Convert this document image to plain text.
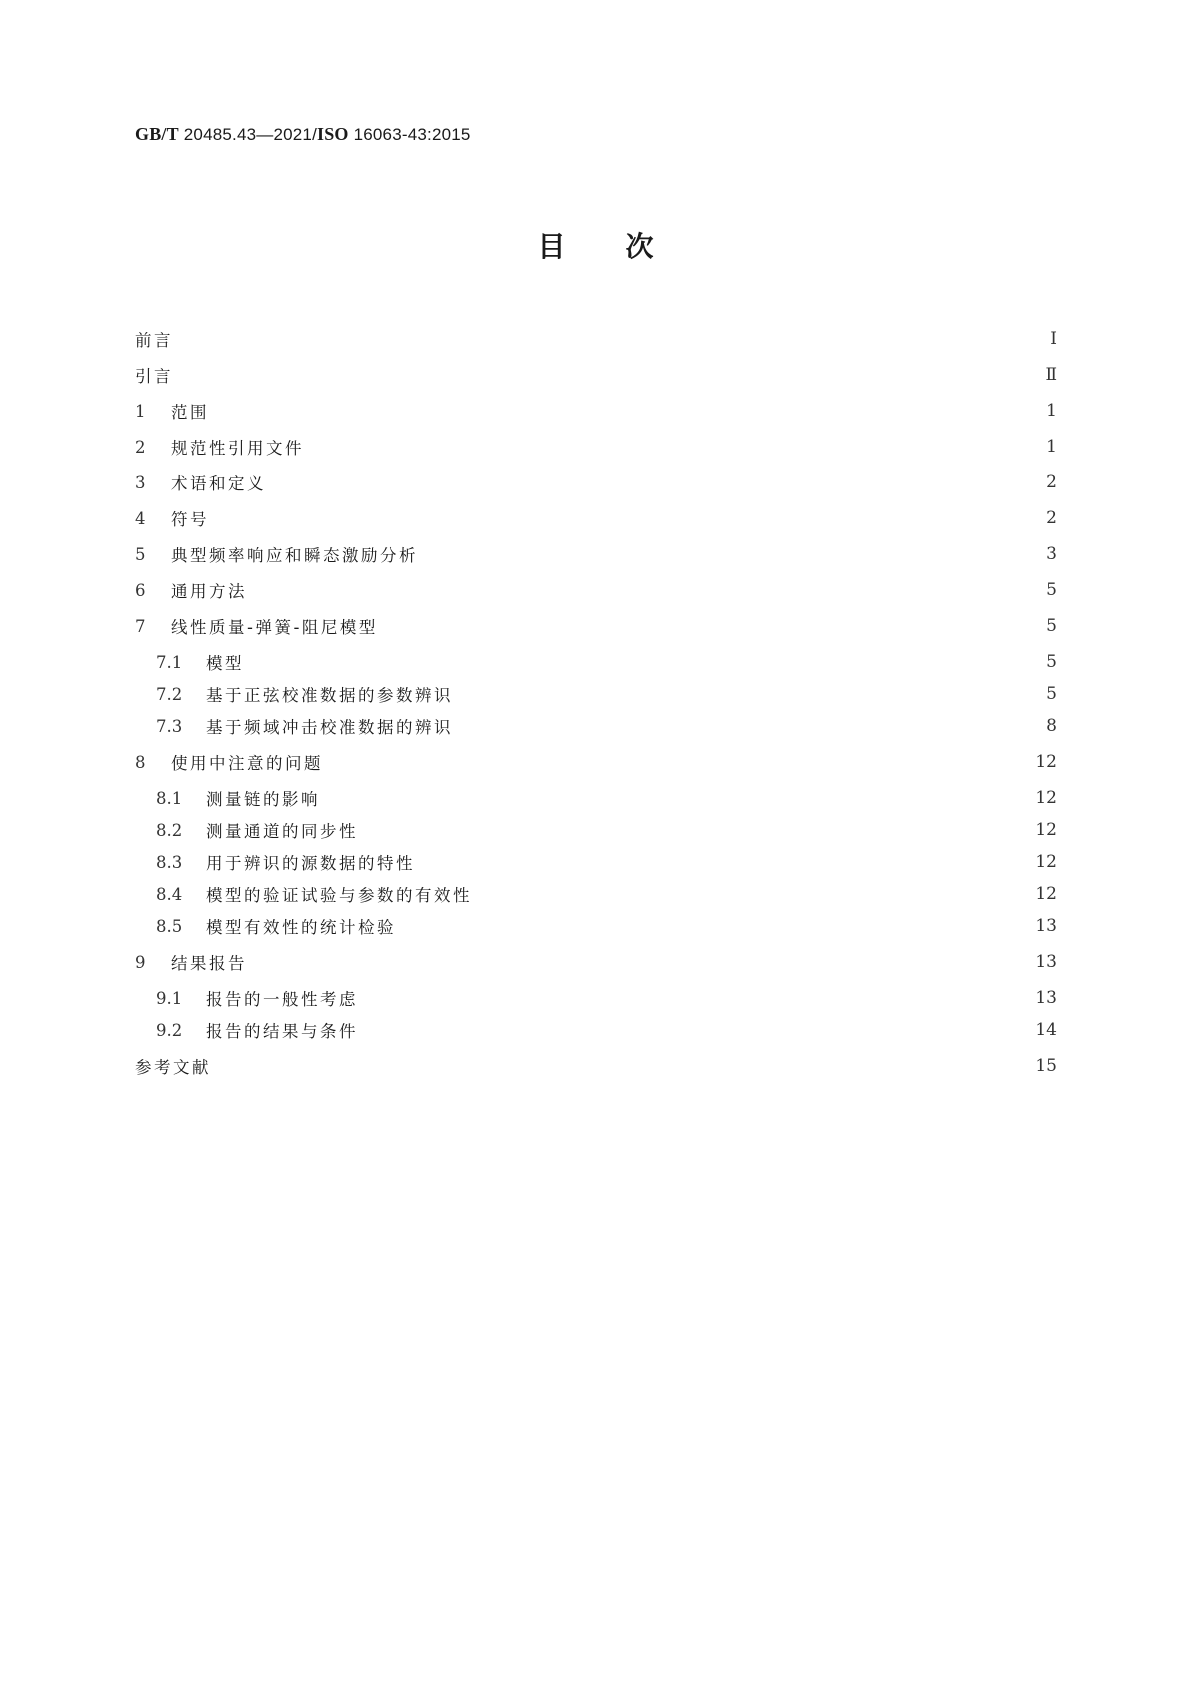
GB/T 20485.43—2021/ISO 16063-43:2015
目次
前言	Ⅰ
引言	Ⅱ
1	范围	1
2	规范性引用文件	1
3	术语和定义	2
4	符号	2
5	典型频率响应和瞬态激励分析	3
6	通用方法	5
7	线性质量-弹簧-阻尼模型	5
7.1	模型	5
7.2	基于正弦校准数据的参数辨识	5
7.3	基于频域冲击校准数据的辨识	8
8	使用中注意的问题	12
8.1	测量链的影响	12
8.2	测量通道的同步性	12
8.3	用于辨识的源数据的特性	12
8.4	模型的验证试验与参数的有效性	12
8.5	模型有效性的统计检验	13
9	结果报告	13
9.1	报告的一般性考虑	13
9.2	报告的结果与条件	14
参考文献	15
